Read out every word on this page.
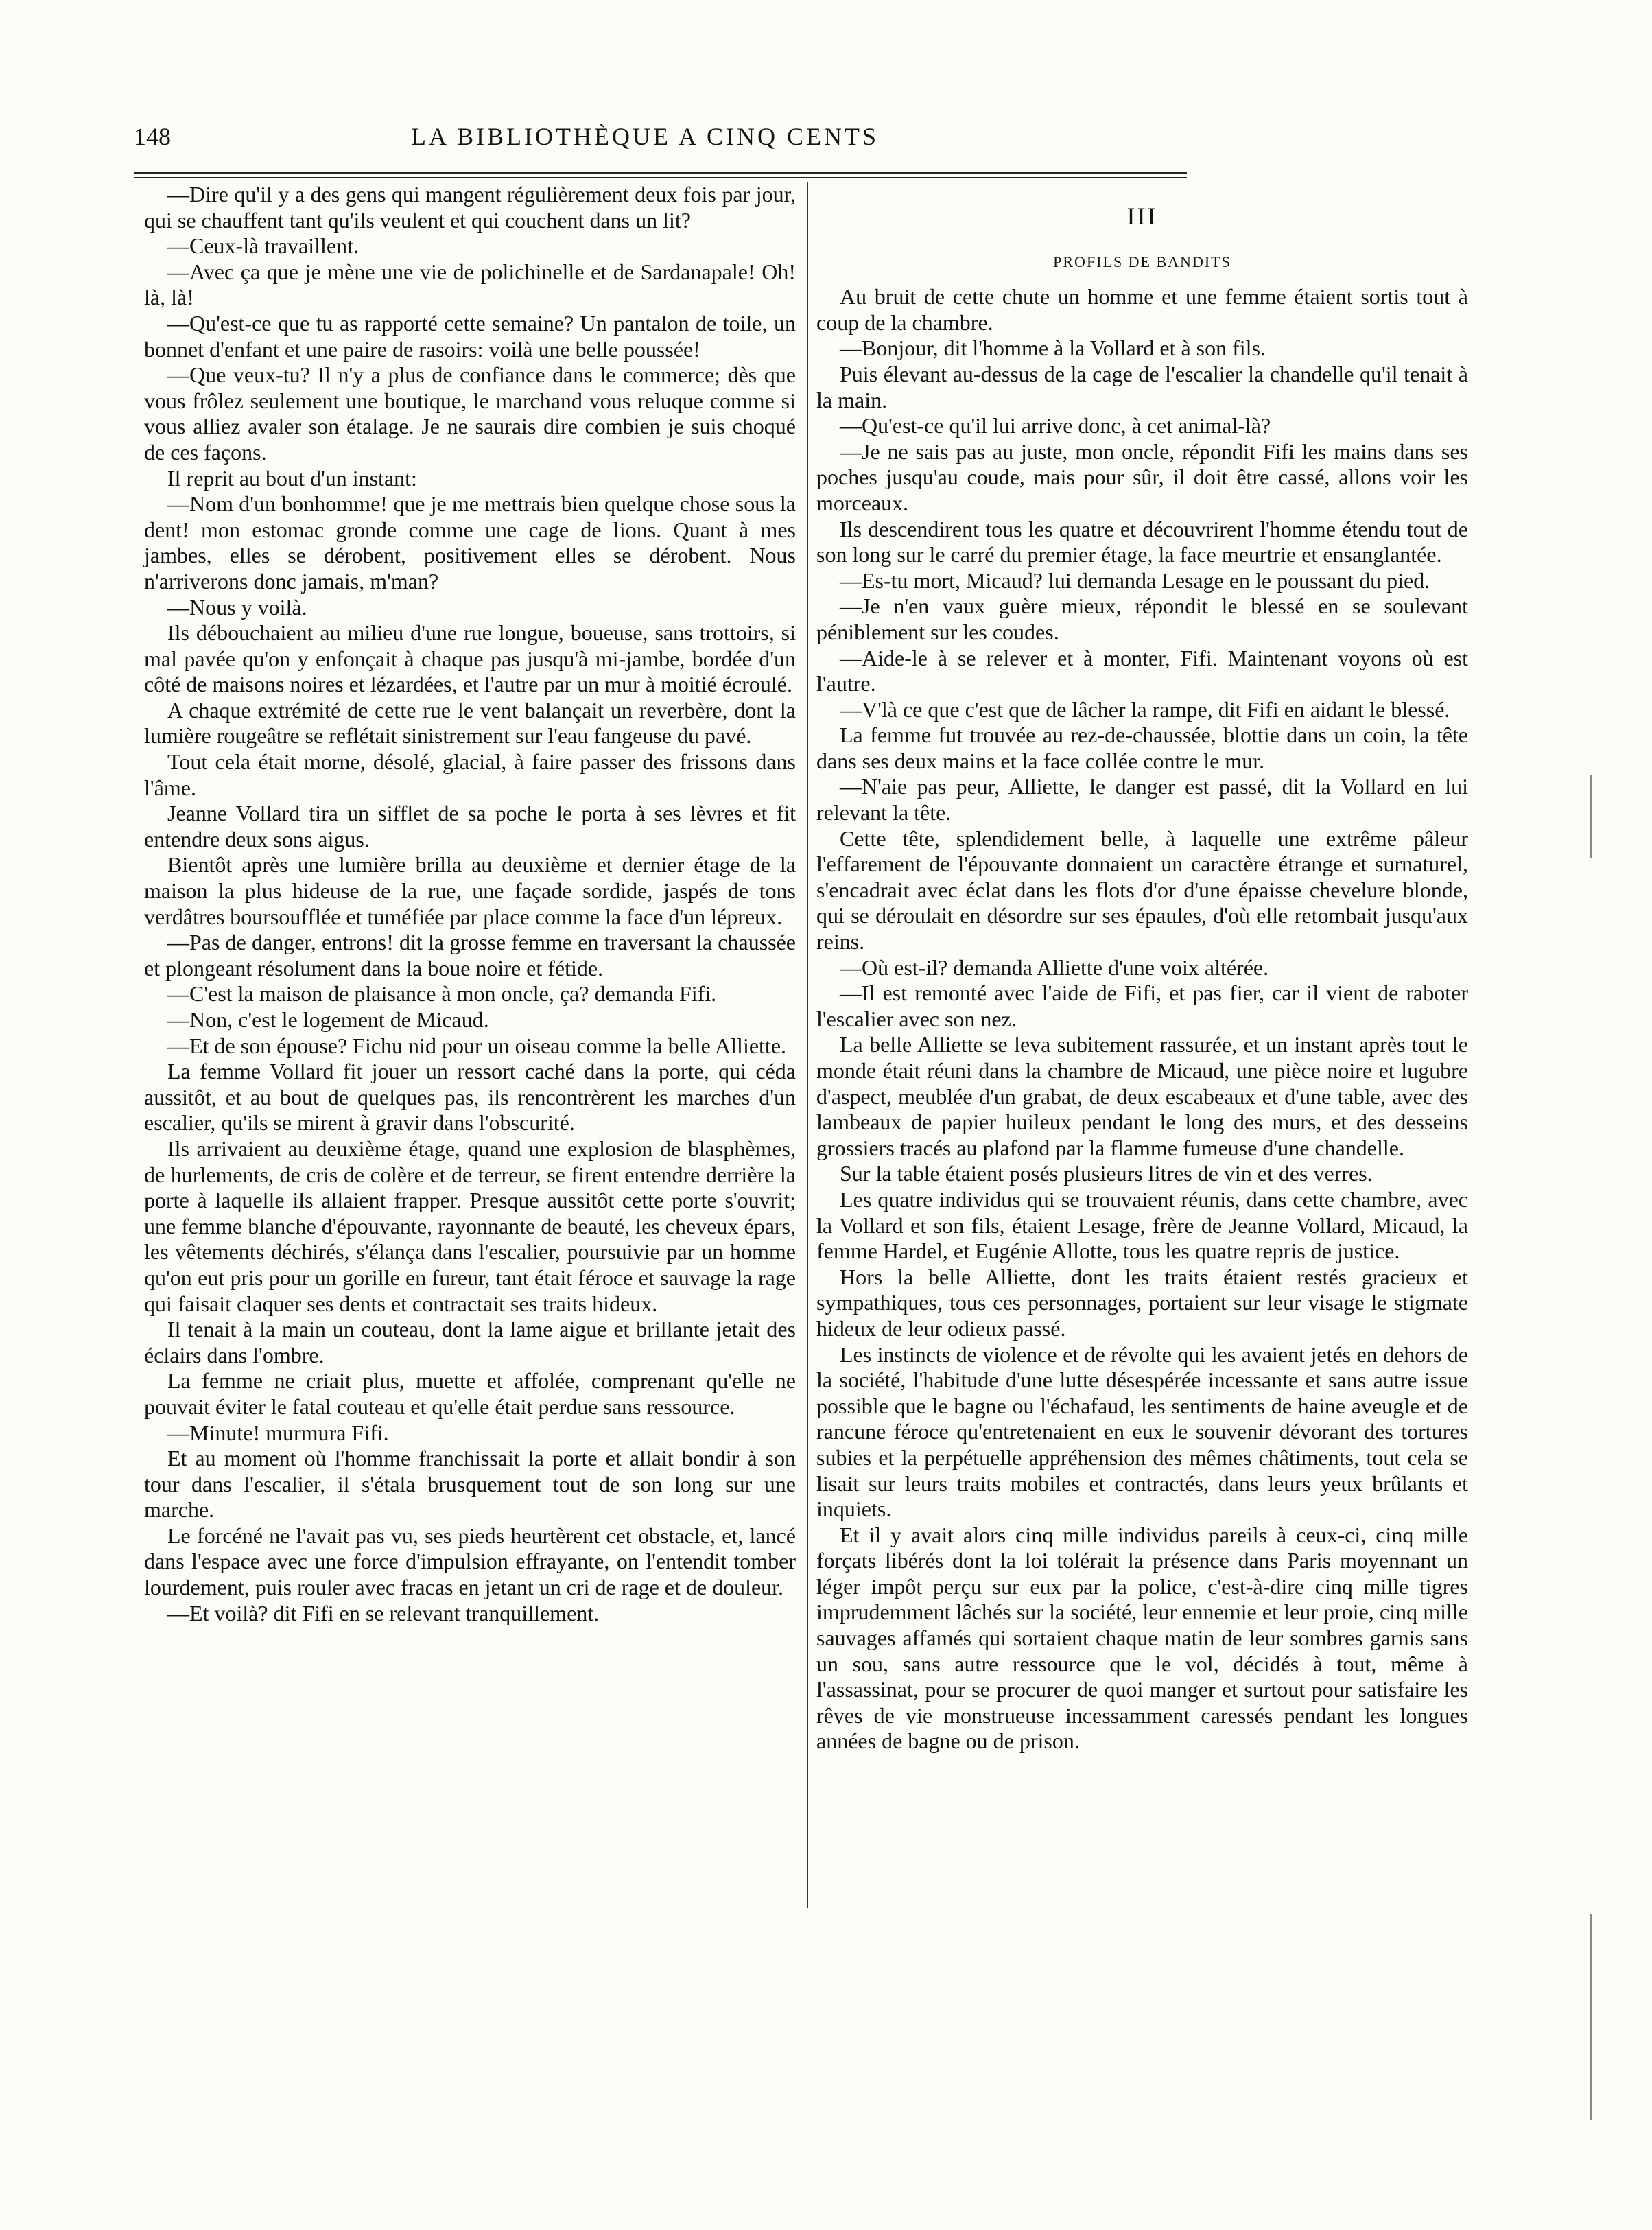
148	LA BIBLIOTHÈQUE A CINQ CENTS

—Dire qu'il y a des gens qui mangent régulièrement deux fois par jour, qui se chauffent tant qu'ils veulent et qui couchent dans un lit?

—Ceux-là travaillent.

—Avec ça que je mène une vie de polichinelle et de Sardanapale! Oh! là, là!

—Qu'est-ce que tu as rapporté cette semaine? Un pantalon de toile, un bonnet d'enfant et une paire de rasoirs: voilà une belle poussée!

—Que veux-tu? Il n'y a plus de confiance dans le commerce; dès que vous frôlez seulement une boutique, le marchand vous reluque comme si vous alliez avaler son étalage. Je ne saurais dire combien je suis choqué de ces façons.

Il reprit au bout d'un instant:

—Nom d'un bonhomme! que je me mettrais bien quelque chose sous la dent! mon estomac gronde comme une cage de lions. Quant à mes jambes, elles se dérobent, positivement elles se dérobent. Nous n'arriverons donc jamais, m'man?

—Nous y voilà.

Ils débouchaient au milieu d'une rue longue, boueuse, sans trottoirs, si mal pavée qu'on y enfonçait à chaque pas jusqu'à mi-jambe, bordée d'un côté de maisons noires et lézardées, et l'autre par un mur à moitié écroulé.

A chaque extrémité de cette rue le vent balançait un reverbère, dont la lumière rougeâtre se reflétait sinistrement sur l'eau fangeuse du pavé.

Tout cela était morne, désolé, glacial, à faire passer des frissons dans l'âme.

Jeanne Vollard tira un sifflet de sa poche le porta à ses lèvres et fit entendre deux sons aigus.

Bientôt après une lumière brilla au deuxième et dernier étage de la maison la plus hideuse de la rue, une façade sordide, jaspés de tons verdâtres boursoufflée et tuméfiée par place comme la face d'un lépreux.

—Pas de danger, entrons! dit la grosse femme en traversant la chaussée et plongeant résolument dans la boue noire et fétide.

—C'est la maison de plaisance à mon oncle, ça? demanda Fifi.

—Non, c'est le logement de Micaud.

—Et de son épouse? Fichu nid pour un oiseau comme la belle Alliette.

La femme Vollard fit jouer un ressort caché dans la porte, qui céda aussitôt, et au bout de quelques pas, ils rencontrèrent les marches d'un escalier, qu'ils se mirent à gravir dans l'obscurité.

Ils arrivaient au deuxième étage, quand une explosion de blasphèmes, de hurlements, de cris de colère et de terreur, se firent entendre derrière la porte à laquelle ils allaient frapper. Presque aussitôt cette porte s'ouvrit; une femme blanche d'épouvante, rayonnante de beauté, les cheveux épars, les vêtements déchirés, s'élança dans l'escalier, poursuivie par un homme qu'on eut pris pour un gorille en fureur, tant était féroce et sauvage la rage qui faisait claquer ses dents et contractait ses traits hideux.

Il tenait à la main un couteau, dont la lame aigue et brillante jetait des éclairs dans l'ombre.

La femme ne criait plus, muette et affolée, comprenant qu'elle ne pouvait éviter le fatal couteau et qu'elle était perdue sans ressource.

—Minute! murmura Fifi.

Et au moment où l'homme franchissait la porte et allait bondir à son tour dans l'escalier, il s'étala brusquement tout de son long sur une marche.

Le forcéné ne l'avait pas vu, ses pieds heurtèrent cet obstacle, et, lancé dans l'espace avec une force d'impulsion effrayante, on l'entendit tomber lourdement, puis rouler avec fracas en jetant un cri de rage et de douleur.

—Et voilà? dit Fifi en se relevant tranquillement.

III
PROFILS DE BANDITS

Au bruit de cette chute un homme et une femme étaient sortis tout à coup de la chambre.

—Bonjour, dit l'homme à la Vollard et à son fils.

Puis élevant au-dessus de la cage de l'escalier la chandelle qu'il tenait à la main.

—Qu'est-ce qu'il lui arrive donc, à cet animal-là?

—Je ne sais pas au juste, mon oncle, répondit Fifi les mains dans ses poches jusqu'au coude, mais pour sûr, il doit être cassé, allons voir les morceaux.

Ils descendirent tous les quatre et découvrirent l'homme étendu tout de son long sur le carré du premier étage, la face meurtrie et ensanglantée.

—Es-tu mort, Micaud? lui demanda Lesage en le poussant du pied.

—Je n'en vaux guère mieux, répondit le blessé en se soulevant péniblement sur les coudes.

—Aide-le à se relever et à monter, Fifi. Maintenant voyons où est l'autre.

—V'là ce que c'est que de lâcher la rampe, dit Fifi en aidant le blessé.

La femme fut trouvée au rez-de-chaussée, blottie dans un coin, la tête dans ses deux mains et la face collée contre le mur.

—N'aie pas peur, Alliette, le danger est passé, dit la Vollard en lui relevant la tête.

Cette tête, splendidement belle, à laquelle une extrême pâleur l'effarement de l'épouvante donnaient un caractère étrange et surnaturel, s'encadrait avec éclat dans les flots d'or d'une épaisse chevelure blonde, qui se déroulait en désordre sur ses épaules, d'où elle retombait jusqu'aux reins.

—Où est-il? demanda Alliette d'une voix altérée.

—Il est remonté avec l'aide de Fifi, et pas fier, car il vient de raboter l'escalier avec son nez.

La belle Alliette se leva subitement rassurée, et un instant après tout le monde était réuni dans la chambre de Micaud, une pièce noire et lugubre d'aspect, meublée d'un grabat, de deux escabeaux et d'une table, avec des lambeaux de papier huileux pendant le long des murs, et des desseins grossiers tracés au plafond par la flamme fumeuse d'une chandelle.

Sur la table étaient posés plusieurs litres de vin et des verres.

Les quatre individus qui se trouvaient réunis, dans cette chambre, avec la Vollard et son fils, étaient Lesage, frère de Jeanne Vollard, Micaud, la femme Hardel, et Eugénie Allotte, tous les quatre repris de justice.

Hors la belle Alliette, dont les traits étaient restés gracieux et sympathiques, tous ces personnages, portaient sur leur visage le stigmate hideux de leur odieux passé.

Les instincts de violence et de révolte qui les avaient jetés en dehors de la société, l'habitude d'une lutte désespérée incessante et sans autre issue possible que le bagne ou l'échafaud, les sentiments de haine aveugle et de rancune féroce qu'entretenaient en eux le souvenir dévorant des tortures subies et la perpétuelle appréhension des mêmes châtiments, tout cela se lisait sur leurs traits mobiles et contractés, dans leurs yeux brûlants et inquiets.

Et il y avait alors cinq mille individus pareils à ceux-ci, cinq mille forçats libérés dont la loi tolérait la présence dans Paris moyennant un léger impôt perçu sur eux par la police, c'est-à-dire cinq mille tigres imprudemment lâchés sur la société, leur ennemie et leur proie, cinq mille sauvages affamés qui sortaient chaque matin de leur sombres garnis sans un sou, sans autre ressource que le vol, décidés à tout, même à l'assassinat, pour se procurer de quoi manger et surtout pour satisfaire les rêves de vie monstrueuse incessamment caressés pendant les longues années de bagne ou de prison.
